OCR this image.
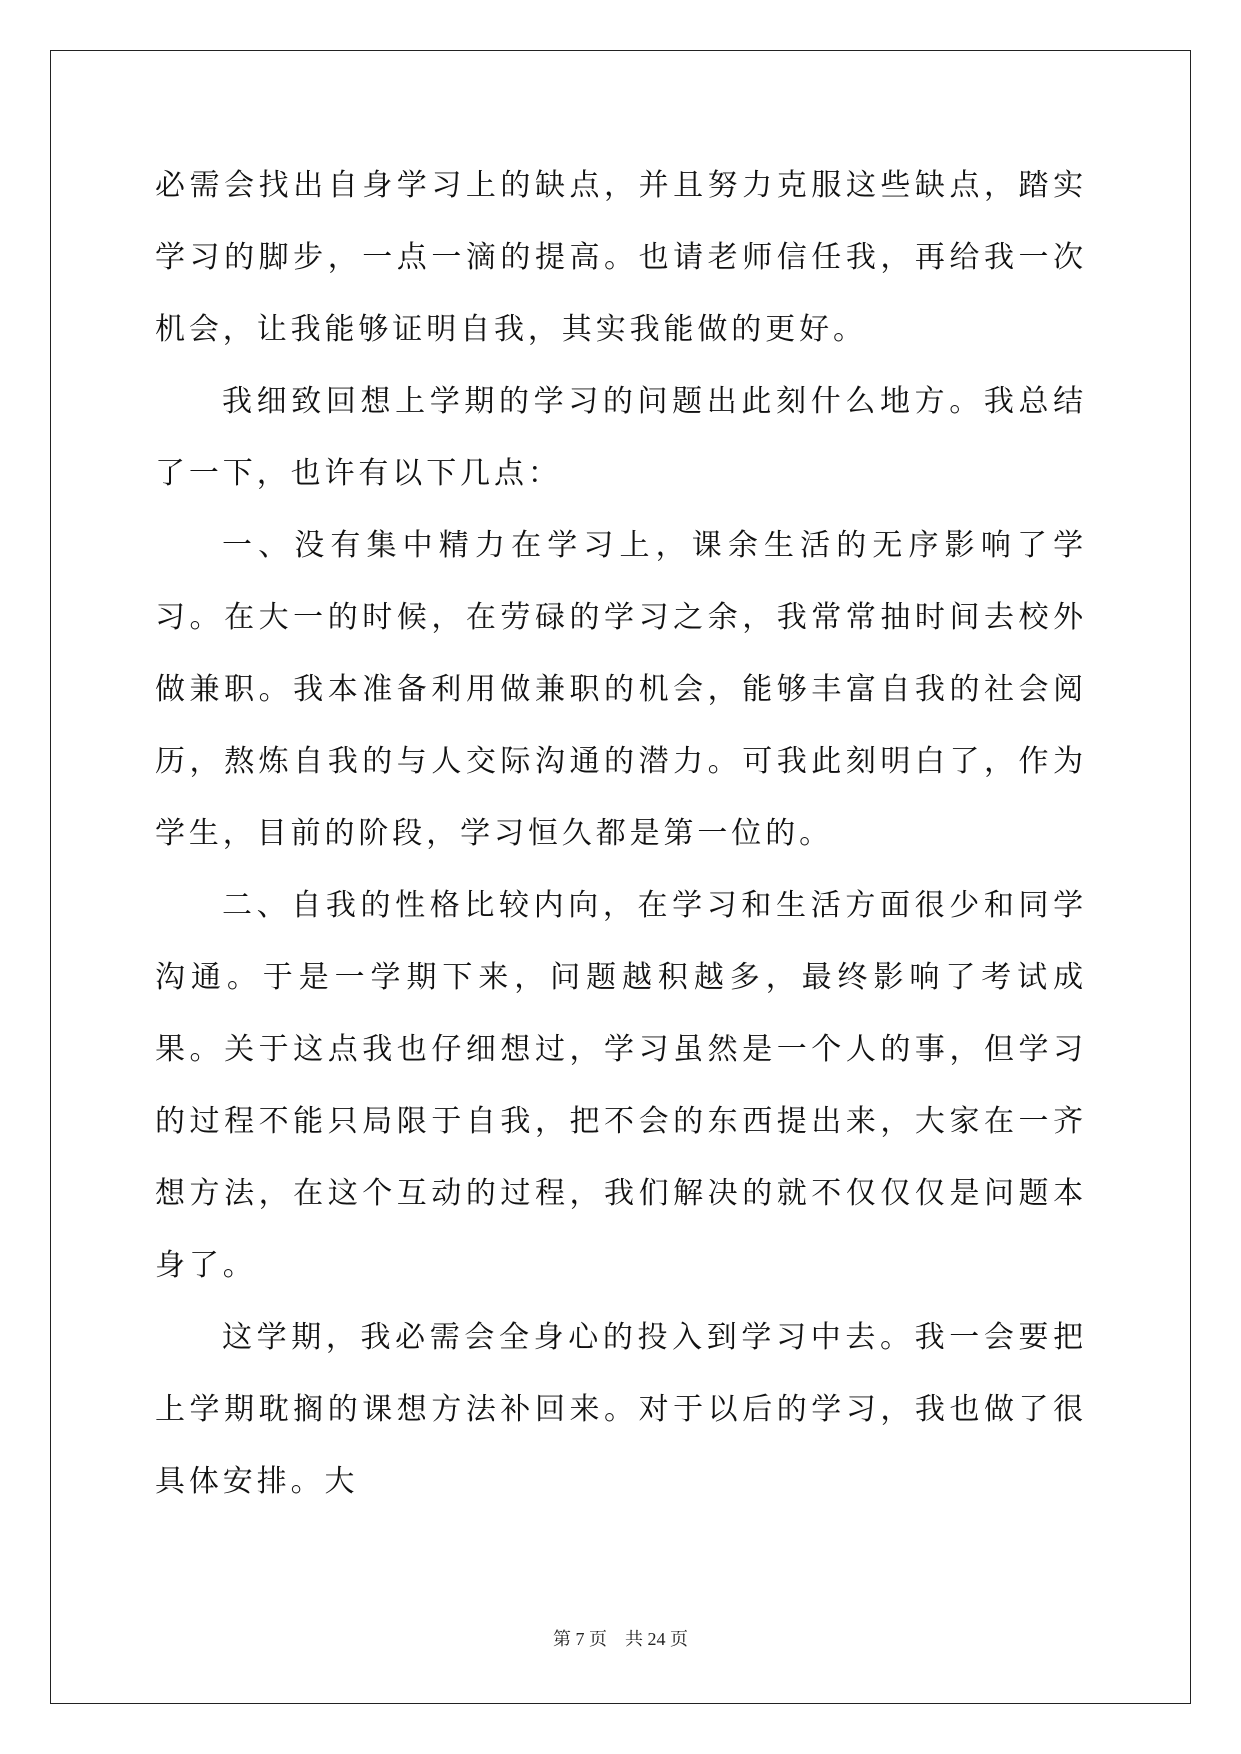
必需会找出自身学习上的缺点，并且努力克服这些缺点，踏实学习的脚步，一点一滴的提高。也请老师信任我，再给我一次机会，让我能够证明自我，其实我能做的更好。

我细致回想上学期的学习的问题出此刻什么地方。我总结了一下，也许有以下几点：

一、没有集中精力在学习上，课余生活的无序影响了学习。在大一的时候，在劳碌的学习之余，我常常抽时间去校外做兼职。我本准备利用做兼职的机会，能够丰富自我的社会阅历，熬炼自我的与人交际沟通的潜力。可我此刻明白了，作为学生，目前的阶段，学习恒久都是第一位的。

二、自我的性格比较内向，在学习和生活方面很少和同学沟通。于是一学期下来，问题越积越多，最终影响了考试成果。关于这点我也仔细想过，学习虽然是一个人的事，但学习的过程不能只局限于自我，把不会的东西提出来，大家在一齐想方法，在这个互动的过程，我们解决的就不仅仅仅是问题本身了。

这学期，我必需会全身心的投入到学习中去。我一会要把上学期耽搁的课想方法补回来。对于以后的学习，我也做了很具体安排。大

第 7 页    共 24 页
